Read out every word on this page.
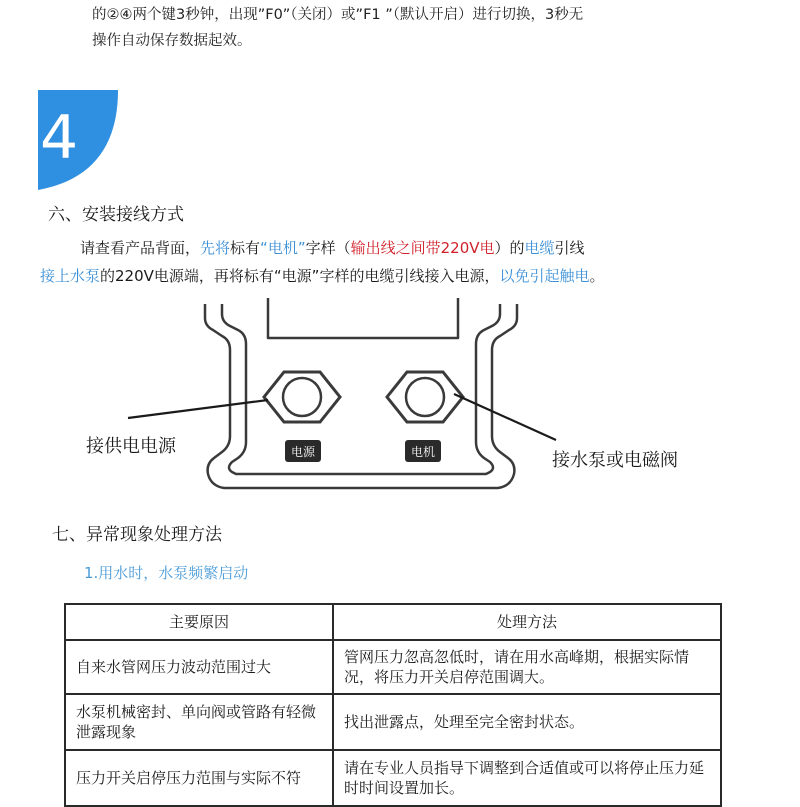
的②④两个键3秒钟，出现”F0”（关闭）或”F1 ”（默认开启）进行切换，3秒无
操作自动保存数据起效。
4
六、安装接线方式
请查看产品背面，先将标有“电机”字样（输出线之间带220V电）的电缆引线
接上水泵的220V电源端，再将标有“电源”字样的电缆引线接入电源，以免引起触电。
电源	电机
接供电电源
接水泵或电磁阀
七、异常现象处理方法
1.用水时，水泵频繁启动
主要原因	处理方法
自来水管网压力波动范围过大	管网压力忽高忽低时，请在用水高峰期，根据实际情况，将压力开关启停范围调大。
水泵机械密封、单向阀或管路有轻微泄露现象	找出泄露点，处理至完全密封状态。
压力开关启停压力范围与实际不符	请在专业人员指导下调整到合适值或可以将停止压力延时时间设置加长。
